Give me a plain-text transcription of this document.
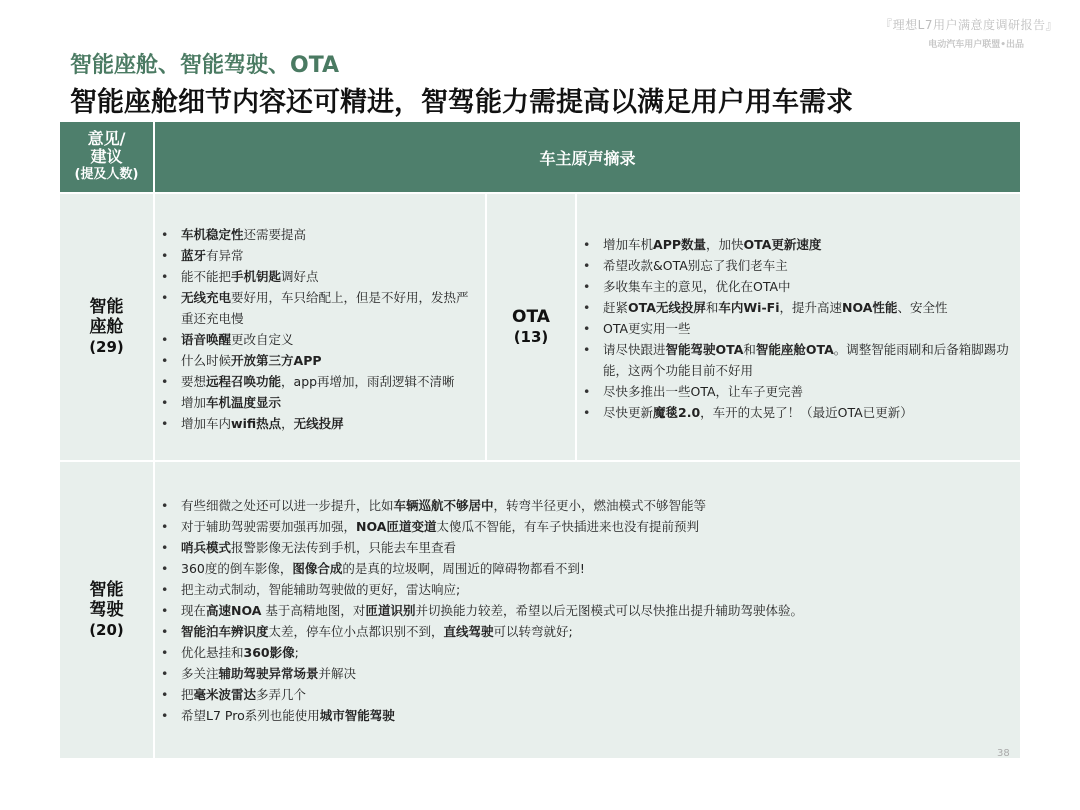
『理想L7用户满意度调研报告』
电动汽车用户联盟•出品
智能座舱、智能驾驶、OTA
智能座舱细节内容还可精进，智驾能力需提高以满足用户用车需求
意见/
建议
(提及人数)
车主原声摘录
智能
座舱
(29)
• 车机稳定性还需要提高
• 蓝牙有异常
• 能不能把手机钥匙调好点
• 无线充电要好用，车只给配上，但是不好用，发热严重还充电慢
• 语音唤醒更改自定义
• 什么时候开放第三方APP
• 要想远程召唤功能，app再增加，雨刮逻辑不清晰
• 增加车机温度显示
• 增加车内wifi热点，无线投屏
OTA
(13)
• 增加车机APP数量，加快OTA更新速度
• 希望改款&OTA别忘了我们老车主
• 多收集车主的意见，优化在OTA中
• 赶紧OTA无线投屏和车内Wi-Fi，提升高速NOA性能、安全性
• OTA更实用一些
• 请尽快跟进智能驾驶OTA和智能座舱OTA。调整智能雨刷和后备箱脚踢功能，这两个功能目前不好用
• 尽快多推出一些OTA，让车子更完善
• 尽快更新魔毯2.0，车开的太晃了！（最近OTA已更新）
智能
驾驶
(20)
• 有些细微之处还可以进一步提升，比如车辆巡航不够居中，转弯半径更小，燃油模式不够智能等
• 对于辅助驾驶需要加强再加强，NOA匝道变道太傻瓜不智能，有车子快插进来也没有提前预判
• 哨兵模式报警影像无法传到手机，只能去车里查看
• 360度的倒车影像，图像合成的是真的垃圾啊，周围近的障碍物都看不到!
• 把主动式制动，智能辅助驾驶做的更好，雷达响应;
• 现在高速NOA 基于高精地图，对匝道识别并切换能力较差，希望以后无图模式可以尽快推出提升辅助驾驶体验。
• 智能泊车辨识度太差，停车位小点都识别不到，直线驾驶可以转弯就好;
• 优化悬挂和360影像;
• 多关注辅助驾驶异常场景并解决
• 把毫米波雷达多弄几个
• 希望L7 Pro系列也能使用城市智能驾驶
38
